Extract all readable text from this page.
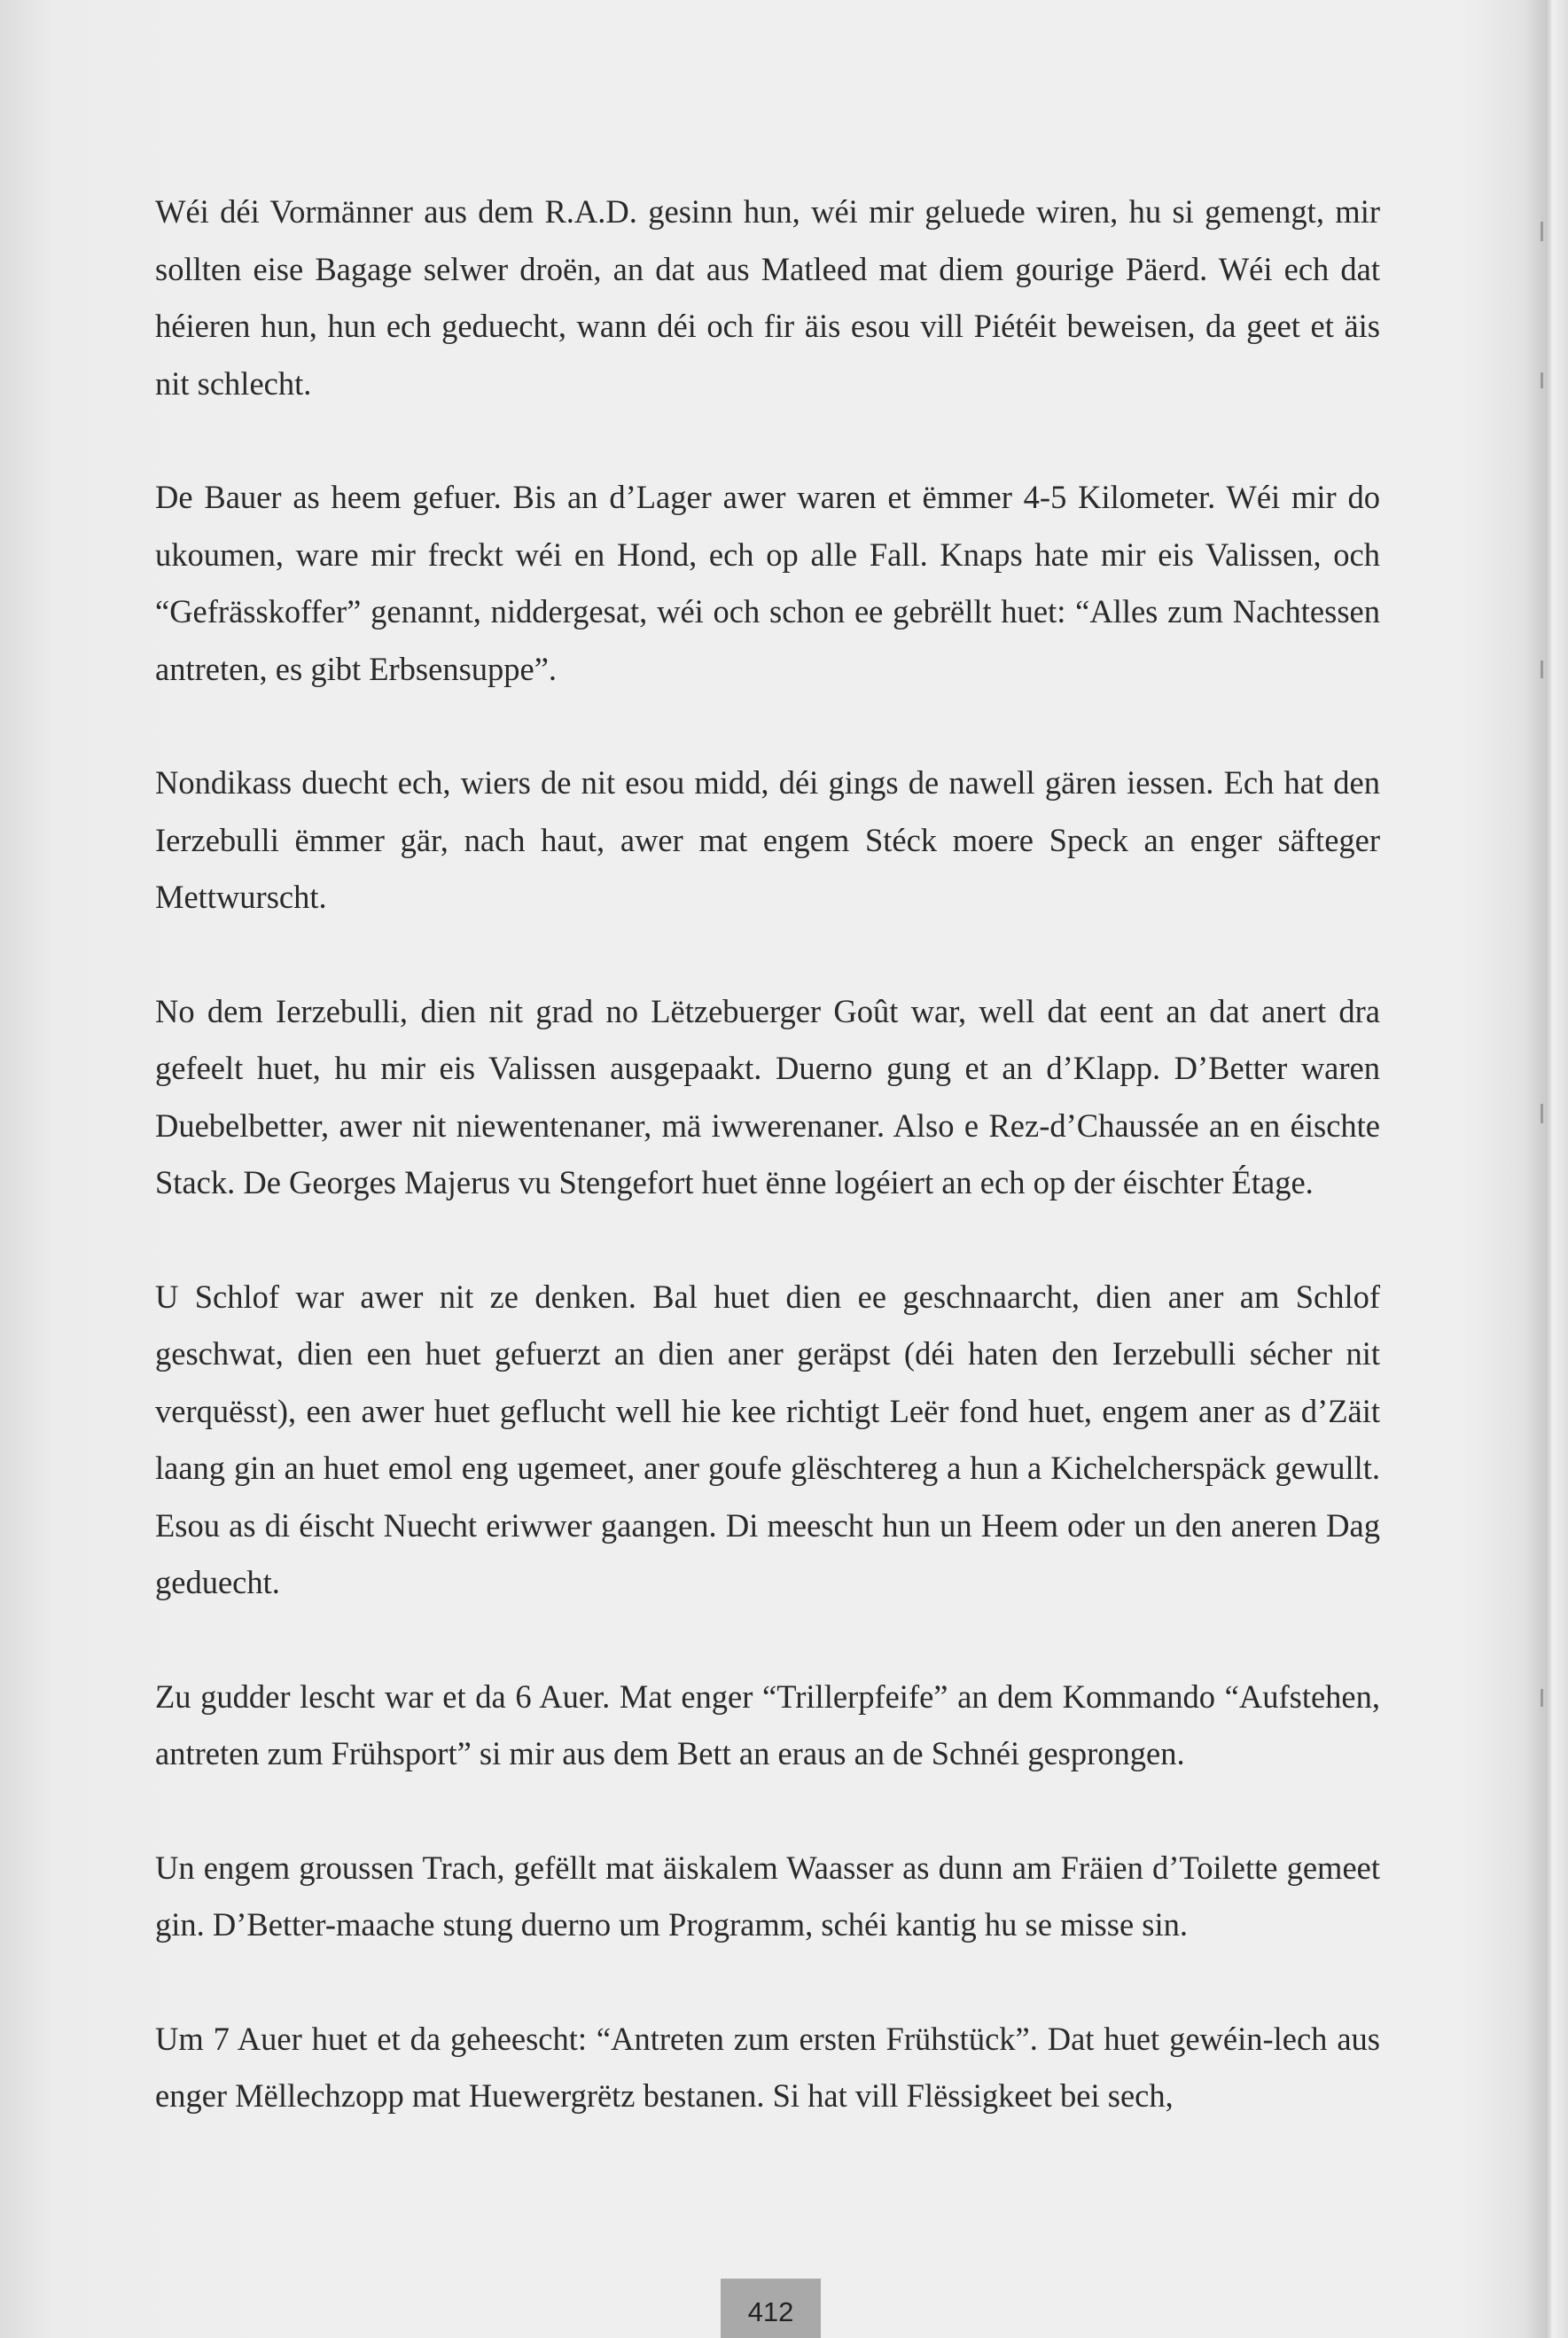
Wéi déi Vormänner aus dem R.A.D. gesinn hun, wéi mir geluede wiren, hu si gemengt, mir sollten eise Bagage selwer droën, an dat aus Matleed mat diem gourige Päerd. Wéi ech dat héieren hun, hun ech geduecht, wann déi och fir äis esou vill Piétéit beweisen, da geet et äis nit schlecht.

De Bauer as heem gefuer. Bis an d’Lager awer waren et ëmmer 4-5 Kilometer. Wéi mir do ukoumen, ware mir freckt wéi en Hond, ech op alle Fall. Knaps hate mir eis Valissen, och “Gefrässkoffer” genannt, niddergesat, wéi och schon ee gebrëllt huet: “Alles zum Nachtessen antreten, es gibt Erbsensuppe”.

Nondikass duecht ech, wiers de nit esou midd, déi gings de nawell gären iessen. Ech hat den Ierzebulli ëmmer gär, nach haut, awer mat engem Stéck moere Speck an enger säfteger Mettwurscht.

No dem Ierzebulli, dien nit grad no Lëtzebuerger Goût war, well dat eent an dat anert dra gefeelt huet, hu mir eis Valissen ausgepaakt. Duerno gung et an d’Klapp. D’Better waren Duebelbetter, awer nit niewentenaner, mä iwwerenaner. Also e Rez-d’Chaussée an en éischte Stack. De Georges Majerus vu Stengefort huet ënne logéiert an ech op der éischter Étage.

U Schlof war awer nit ze denken. Bal huet dien ee geschnaarcht, dien aner am Schlof geschwat, dien een huet gefuerzt an dien aner geräpst (déi haten den Ierzebulli sécher nit verquësst), een awer huet geflucht well hie kee richtigt Leër fond huet, engem aner as d’Zäit laang gin an huet emol eng ugemeet, aner goufe glëschtereg a hun a Kichelcherspäck gewullt. Esou as di éischt Nuecht eriwwer gaangen. Di meescht hun un Heem oder un den aneren Dag geduecht.

Zu gudder lescht war et da 6 Auer. Mat enger “Trillerpfeife” an dem Kommando “Aufstehen, antreten zum Frühsport” si mir aus dem Bett an eraus an de Schnéi gesprongen.

Un engem groussen Trach, gefëllt mat äiskalem Waasser as dunn am Fräien d’Toilette gemeet gin. D’Better-maache stung duerno um Programm, schéi kantig hu se misse sin.

Um 7 Auer huet et da geheescht: “Antreten zum ersten Frühstück”. Dat huet gewéin-lech aus enger Mëllechzopp mat Huewergrëtz bestanen. Si hat vill Flëssigkeet bei sech,

412
